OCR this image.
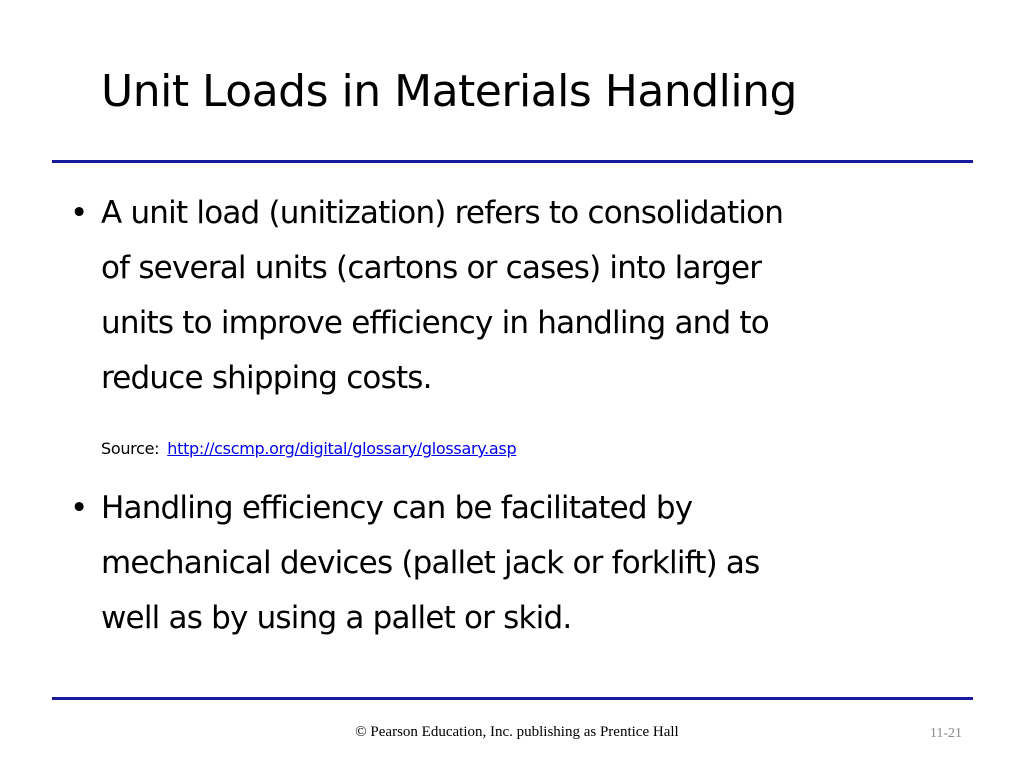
Unit Loads in Materials Handling
• A unit load (unitization) refers to consolidation
of several units (cartons or cases) into larger
units to improve efficiency in handling and to
reduce shipping costs.
Source: http://cscmp.org/digital/glossary/glossary.asp
• Handling efficiency can be facilitated by
mechanical devices (pallet jack or forklift) as
well as by using a pallet or skid.
© Pearson Education, Inc. publishing as Prentice Hall	11-21
